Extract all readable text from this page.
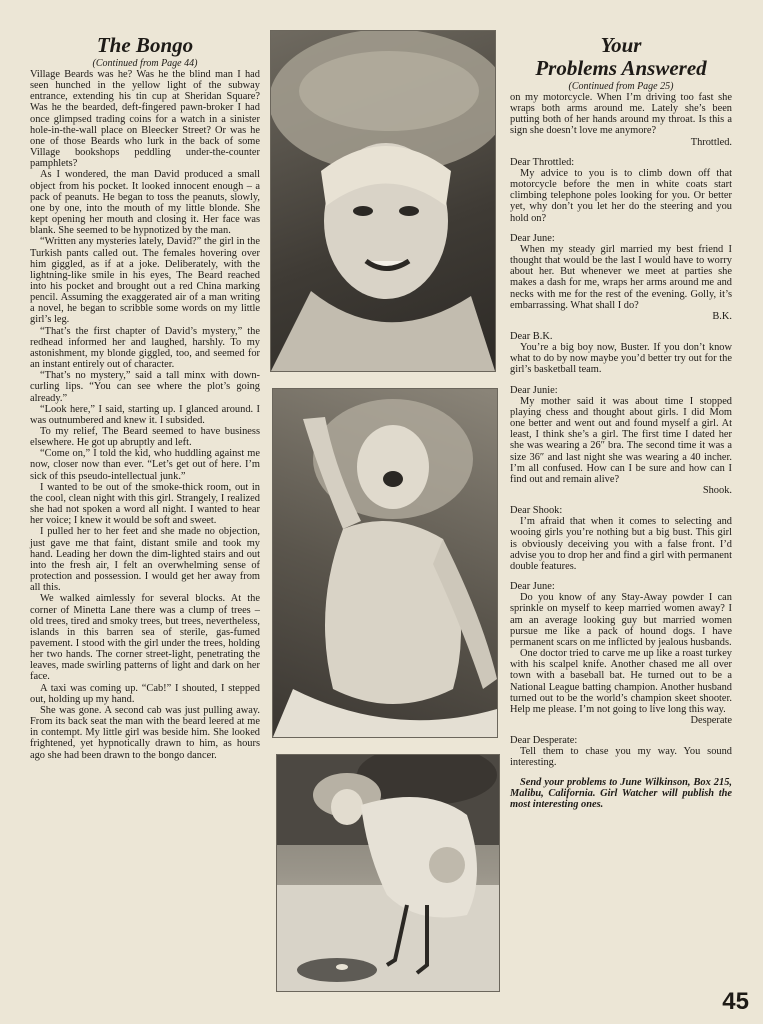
The Bongo
(Continued from Page 44)

Village Beards was he? Was he the blind man I had seen hunched in the yellow light of the subway entrance, extending his tin cup at Sheridan Square? Was he the bearded, deft-fingered pawn-broker I had once glimpsed trading coins for a watch in a sinister hole-in-the-wall place on Bleecker Street? Or was he one of those Beards who lurk in the back of some Village bookshops peddling under-the-counter pamphlets?

As I wondered, the man David produced a small object from his pocket. It looked innocent enough – a pack of peanuts. He began to toss the peanuts, slowly, one by one, into the mouth of my little blonde. She kept opening her mouth and closing it. Her face was blank. She seemed to be hypnotized by the man.

“Written any mysteries lately, David?” the girl in the Turkish pants called out. The females hovering over him giggled, as if at a joke. Deliberately, with the lightning-like smile in his eyes, The Beard reached into his pocket and brought out a red China marking pencil. Assuming the exaggerated air of a man writing a novel, he began to scribble some words on my little girl’s leg.

“That’s the first chapter of David’s mystery,” the redhead informed her and laughed, harshly. To my astonishment, my blonde giggled, too, and seemed for an instant entirely out of character.

“That’s no mystery,” said a tall minx with down-curling lips. “You can see where the plot’s going already.”

“Look here,” I said, starting up. I glanced around. I was outnumbered and knew it. I subsided.

To my relief, The Beard seemed to have business elsewhere. He got up abruptly and left.

“Come on,” I told the kid, who huddling against me now, closer now than ever. “Let’s get out of here. I’m sick of this pseudo-intellectual junk.”

I wanted to be out of the smoke-thick room, out in the cool, clean night with this girl. Strangely, I realized she had not spoken a word all night. I wanted to hear her voice; I knew it would be soft and sweet.

I pulled her to her feet and she made no objection, just gave me that faint, distant smile and took my hand. Leading her down the dim-lighted stairs and out into the fresh air, I felt an overwhelming sense of protection and possession. I would get her away from all this.

We walked aimlessly for several blocks. At the corner of Minetta Lane there was a clump of trees – old trees, tired and smoky trees, but trees, nevertheless, islands in this barren sea of sterile, gas-fumed pavement. I stood with the girl under the trees, holding her two hands. The corner street-light, penetrating the leaves, made swirling patterns of light and dark on her face.

A taxi was coming up. “Cab!” I shouted, I stepped out, holding up my hand.

She was gone. A second cab was just pulling away. From its back seat the man with the beard leered at me in contempt. My little girl was beside him. She looked frightened, yet hypnotically drawn to him, as hours ago she had been drawn to the bongo dancer.

Your
Problems Answered
(Continued from Page 25)

on my motorcycle. When I’m driving too fast she wraps both arms around me. Lately she’s been putting both of her hands around my throat. Is this a sign she doesn’t love me anymore?

Throttled.

Dear Throttled:

My advice to you is to climb down off that motorcycle before the men in white coats start climbing telephone poles looking for you. Or better yet, why don’t you let her do the steering and you hold on?

Dear June:

When my steady girl married my best friend I thought that would be the last I would have to worry about her. But whenever we meet at parties she makes a dash for me, wraps her arms around me and necks with me for the rest of the evening. Golly, it’s embarrassing. What shall I do?

B.K.

Dear B.K.

You’re a big boy now, Buster. If you don’t know what to do by now maybe you’d better try out for the girl’s basketball team.

Dear Junie:

My mother said it was about time I stopped playing chess and thought about girls. I did Mom one better and went out and found myself a girl. At least, I think she’s a girl. The first time I dated her she was wearing a 26″ bra. The second time it was a size 36″ and last night she was wearing a 40 incher. I’m all confused. How can I be sure and how can I find out and remain alive?

Shook.

Dear Shook:

I’m afraid that when it comes to selecting and wooing girls you’re nothing but a big bust. This girl is obviously deceiving you with a false front. I’d advise you to drop her and find a girl with permanent double features.

Dear June:

Do you know of any Stay-Away powder I can sprinkle on myself to keep married women away? I am an average looking guy but married women pursue me like a pack of hound dogs. I have permanent scars on me inflicted by jealous husbands.

One doctor tried to carve me up like a roast turkey with his scalpel knife. Another chased me all over town with a baseball bat. He turned out to be a National League batting champion. Another husband turned out to be the world’s champion skeet shooter. Help me please. I’m not going to live long this way.

Desperate

Dear Desperate:

Tell them to chase you my way. You sound interesting.

Send your problems to June Wilkinson, Box 215, Malibu, California. Girl Watcher will publish the most interesting ones.

45
